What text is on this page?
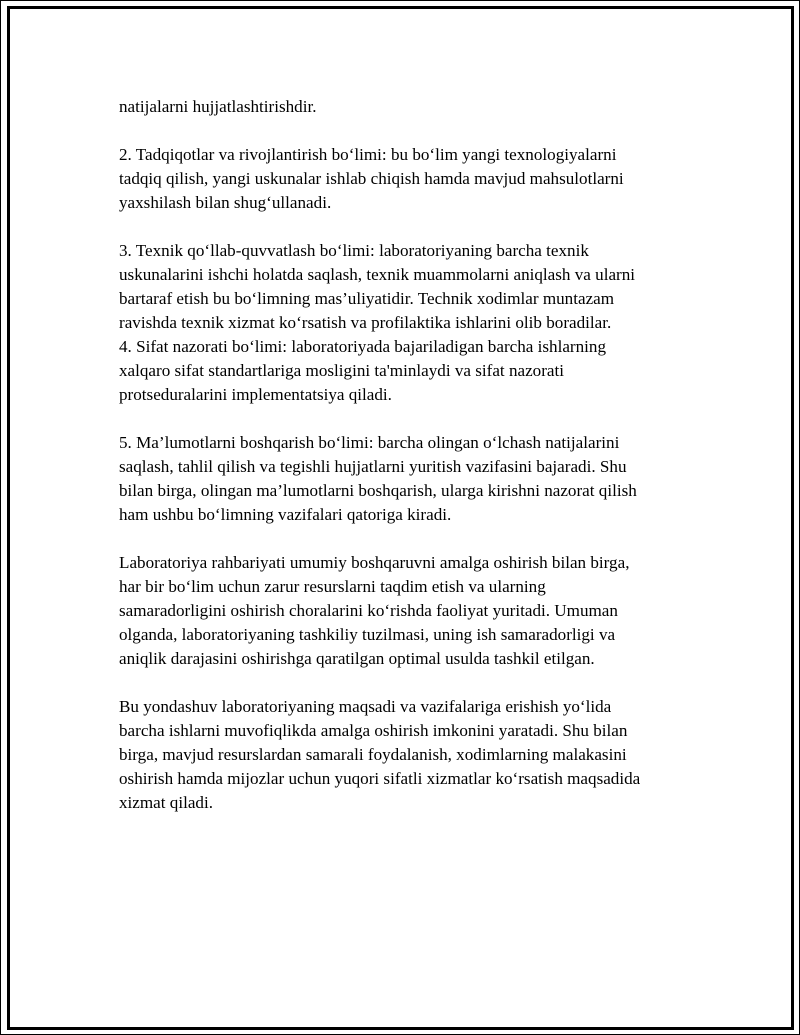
natijalarni hujjatlashtirishdir.

2. Tadqiqotlar va rivojlantirish bo‘limi: bu bo‘lim yangi texnologiyalarni
tadqiq qilish, yangi uskunalar ishlab chiqish hamda mavjud mahsulotlarni
yaxshilash bilan shug‘ullanadi.

3. Texnik qo‘llab-quvvatlash bo‘limi: laboratoriyaning barcha texnik
uskunalarini ishchi holatda saqlash, texnik muammolarni aniqlash va ularni
bartaraf etish bu bo‘limning mas’uliyatidir. Technik xodimlar muntazam
ravishda texnik xizmat ko‘rsatish va profilaktika ishlarini olib boradilar.

4. Sifat nazorati bo‘limi: laboratoriyada bajariladigan barcha ishlarning
xalqaro sifat standartlariga mosligini ta'minlaydi va sifat nazorati
protseduralarini implementatsiya qiladi.

5. Ma’lumotlarni boshqarish bo‘limi: barcha olingan o‘lchash natijalarini
saqlash, tahlil qilish va tegishli hujjatlarni yuritish vazifasini bajaradi. Shu
bilan birga, olingan ma’lumotlarni boshqarish, ularga kirishni nazorat qilish
ham ushbu bo‘limning vazifalari qatoriga kiradi.

Laboratoriya rahbariyati umumiy boshqaruvni amalga oshirish bilan birga,
har bir bo‘lim uchun zarur resurslarni taqdim etish va ularning
samaradorligini oshirish choralarini ko‘rishda faoliyat yuritadi. Umuman
olganda, laboratoriyaning tashkiliy tuzilmasi, uning ish samaradorligi va
aniqlik darajasini oshirishga qaratilgan optimal usulda tashkil etilgan.

Bu yondashuv laboratoriyaning maqsadi va vazifalariga erishish yo‘lida
barcha ishlarni muvofiqlikda amalga oshirish imkonini yaratadi. Shu bilan
birga, mavjud resurslardan samarali foydalanish, xodimlarning malakasini
oshirish hamda mijozlar uchun yuqori sifatli xizmatlar ko‘rsatish maqsadida
xizmat qiladi.
